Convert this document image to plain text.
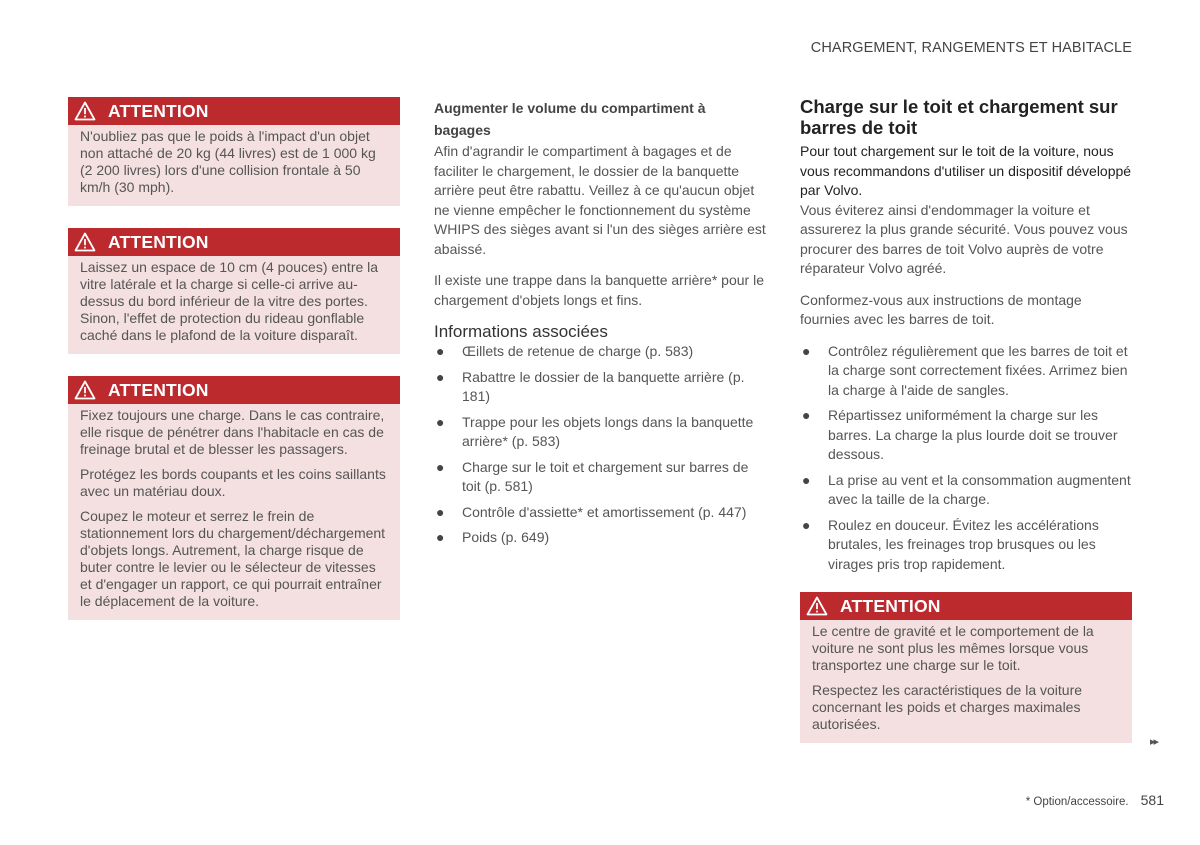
CHARGEMENT, RANGEMENTS ET HABITACLE
ATTENTION

N'oubliez pas que le poids à l'impact d'un objet non attaché de 20 kg (44 livres) est de 1 000 kg (2 200 livres) lors d'une collision frontale à 50 km/h (30 mph).

ATTENTION

Laissez un espace de 10 cm (4 pouces) entre la vitre latérale et la charge si celle-ci arrive au-dessus du bord inférieur de la vitre des portes. Sinon, l'effet de protection du rideau gonflable caché dans le plafond de la voiture disparaît.

ATTENTION

Fixez toujours une charge. Dans le cas contraire, elle risque de pénétrer dans l'habitacle en cas de freinage brutal et de blesser les passagers.

Protégez les bords coupants et les coins saillants avec un matériau doux.

Coupez le moteur et serrez le frein de stationnement lors du chargement/déchargement d'objets longs. Autrement, la charge risque de buter contre le levier ou le sélecteur de vitesses et d'engager un rapport, ce qui pourrait entraîner le déplacement de la voiture.

Augmenter le volume du compartiment à bagages

Afin d'agrandir le compartiment à bagages et de faciliter le chargement, le dossier de la banquette arrière peut être rabattu. Veillez à ce qu'aucun objet ne vienne empêcher le fonctionnement du système WHIPS des sièges avant si l'un des sièges arrière est abaissé.

Il existe une trappe dans la banquette arrière* pour le chargement d'objets longs et fins.

Informations associées
● Œillets de retenue de charge (p. 583)
● Rabattre le dossier de la banquette arrière (p. 181)
● Trappe pour les objets longs dans la banquette arrière* (p. 583)
● Charge sur le toit et chargement sur barres de toit (p. 581)
● Contrôle d'assiette* et amortissement (p. 447)
● Poids (p. 649)
Charge sur le toit et chargement sur barres de toit

Pour tout chargement sur le toit de la voiture, nous vous recommandons d'utiliser un dispositif développé par Volvo.

Vous éviterez ainsi d'endommager la voiture et assurerez la plus grande sécurité. Vous pouvez vous procurer des barres de toit Volvo auprès de votre réparateur Volvo agréé.

Conformez-vous aux instructions de montage fournies avec les barres de toit.

● Contrôlez régulièrement que les barres de toit et la charge sont correctement fixées. Arrimez bien la charge à l'aide de sangles.
● Répartissez uniformément la charge sur les barres. La charge la plus lourde doit se trouver dessous.
● La prise au vent et la consommation augmentent avec la taille de la charge.
● Roulez en douceur. Évitez les accélérations brutales, les freinages trop brusques ou les virages pris trop rapidement.
ATTENTION

Le centre de gravité et le comportement de la voiture ne sont plus les mêmes lorsque vous transportez une charge sur le toit.

Respectez les caractéristiques de la voiture concernant les poids et charges maximales autorisées.

▸▸
* Option/accessoire. 581
